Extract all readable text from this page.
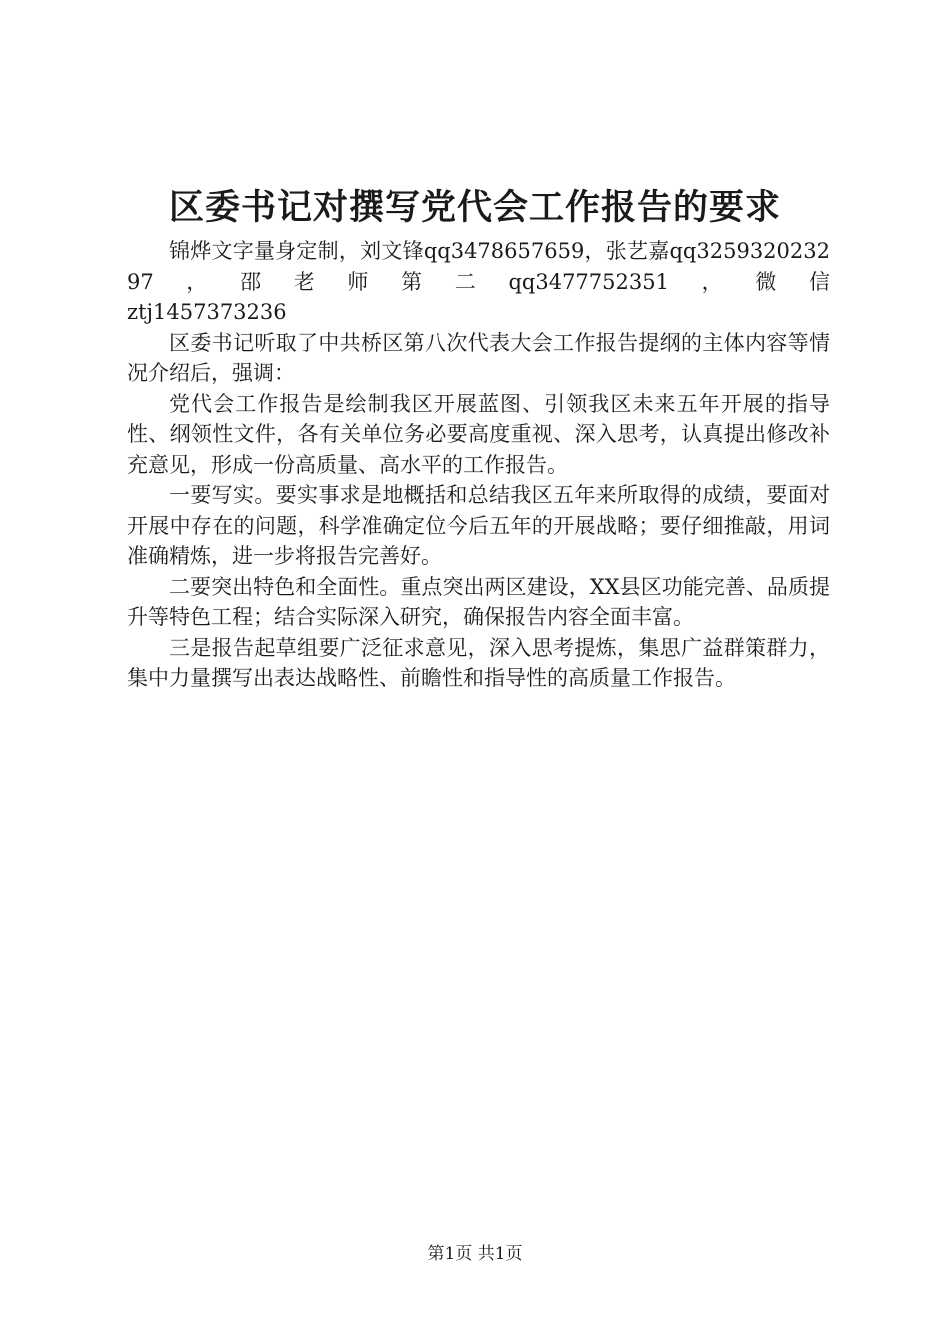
区委书记对撰写党代会工作报告的要求

锦烨文字量身定制，刘文锋qq3478657659，张艺嘉qq325932023297，邵老师第二qq3477752351，微信
ztj1457373236

区委书记听取了中共桥区第八次代表大会工作报告提纲的主体内容等情况介绍后，强调：

党代会工作报告是绘制我区开展蓝图、引领我区未来五年开展的指导性、纲领性文件，各有关单位务必要高度重视、深入思考，认真提出修改补充意见，形成一份高质量、高水平的工作报告。

一要写实。要实事求是地概括和总结我区五年来所取得的成绩，要面对开展中存在的问题，科学准确定位今后五年的开展战略；要仔细推敲，用词准确精炼，进一步将报告完善好。

二要突出特色和全面性。重点突出两区建设，XX县区功能完善、品质提升等特色工程；结合实际深入研究，确保报告内容全面丰富。

三是报告起草组要广泛征求意见，深入思考提炼，集思广益群策群力，集中力量撰写出表达战略性、前瞻性和指导性的高质量工作报告。

第1页 共1页
